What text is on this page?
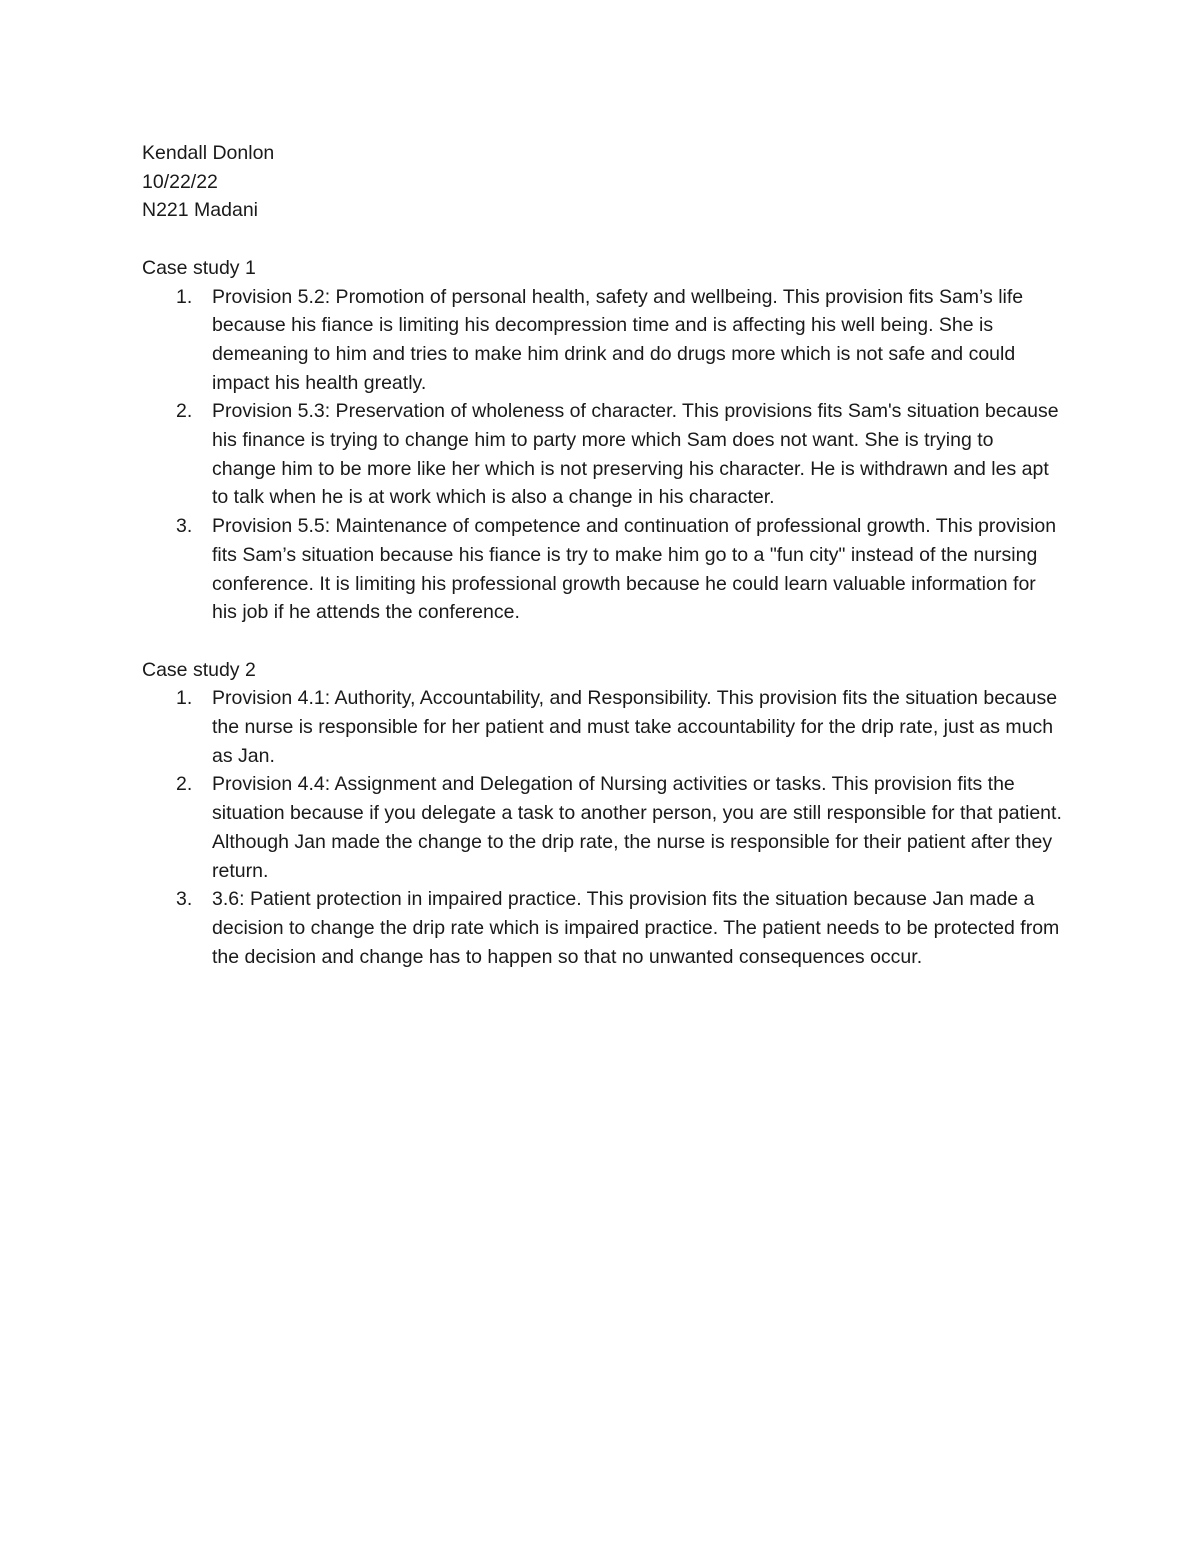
Kendall Donlon
10/22/22
N221 Madani
Case study 1
1. Provision 5.2: Promotion of personal health, safety and wellbeing. This provision fits Sam’s life because his fiance is limiting his decompression time and is affecting his well being. She is demeaning to him and tries to make him drink and do drugs more which is not safe and could impact his health greatly.
2. Provision 5.3: Preservation of wholeness of character. This provisions fits Sam's situation because his finance is trying to change him to party more which Sam does not want. She is trying to change him to be more like her which is not preserving his character. He is withdrawn and les apt to talk when he is at work which is also a change in his character.
3. Provision 5.5: Maintenance of competence and continuation of professional growth. This provision fits Sam’s situation because his fiance is try to make him go to a "fun city" instead of the nursing conference. It is limiting his professional growth because he could learn valuable information for his job if he attends the conference.
Case study 2
1. Provision 4.1: Authority, Accountability, and Responsibility. This provision fits the situation because the nurse is responsible for her patient and must take accountability for the drip rate, just as much as Jan.
2. Provision 4.4: Assignment and Delegation of Nursing activities or tasks. This provision fits the situation because if you delegate a task to another person, you are still responsible for that patient. Although Jan made the change to the drip rate, the nurse is responsible for their patient after they return.
3. 3.6: Patient protection in impaired practice. This provision fits the situation because Jan made a decision to change the drip rate which is impaired practice. The patient needs to be protected from the decision and change has to happen so that no unwanted consequences occur.
